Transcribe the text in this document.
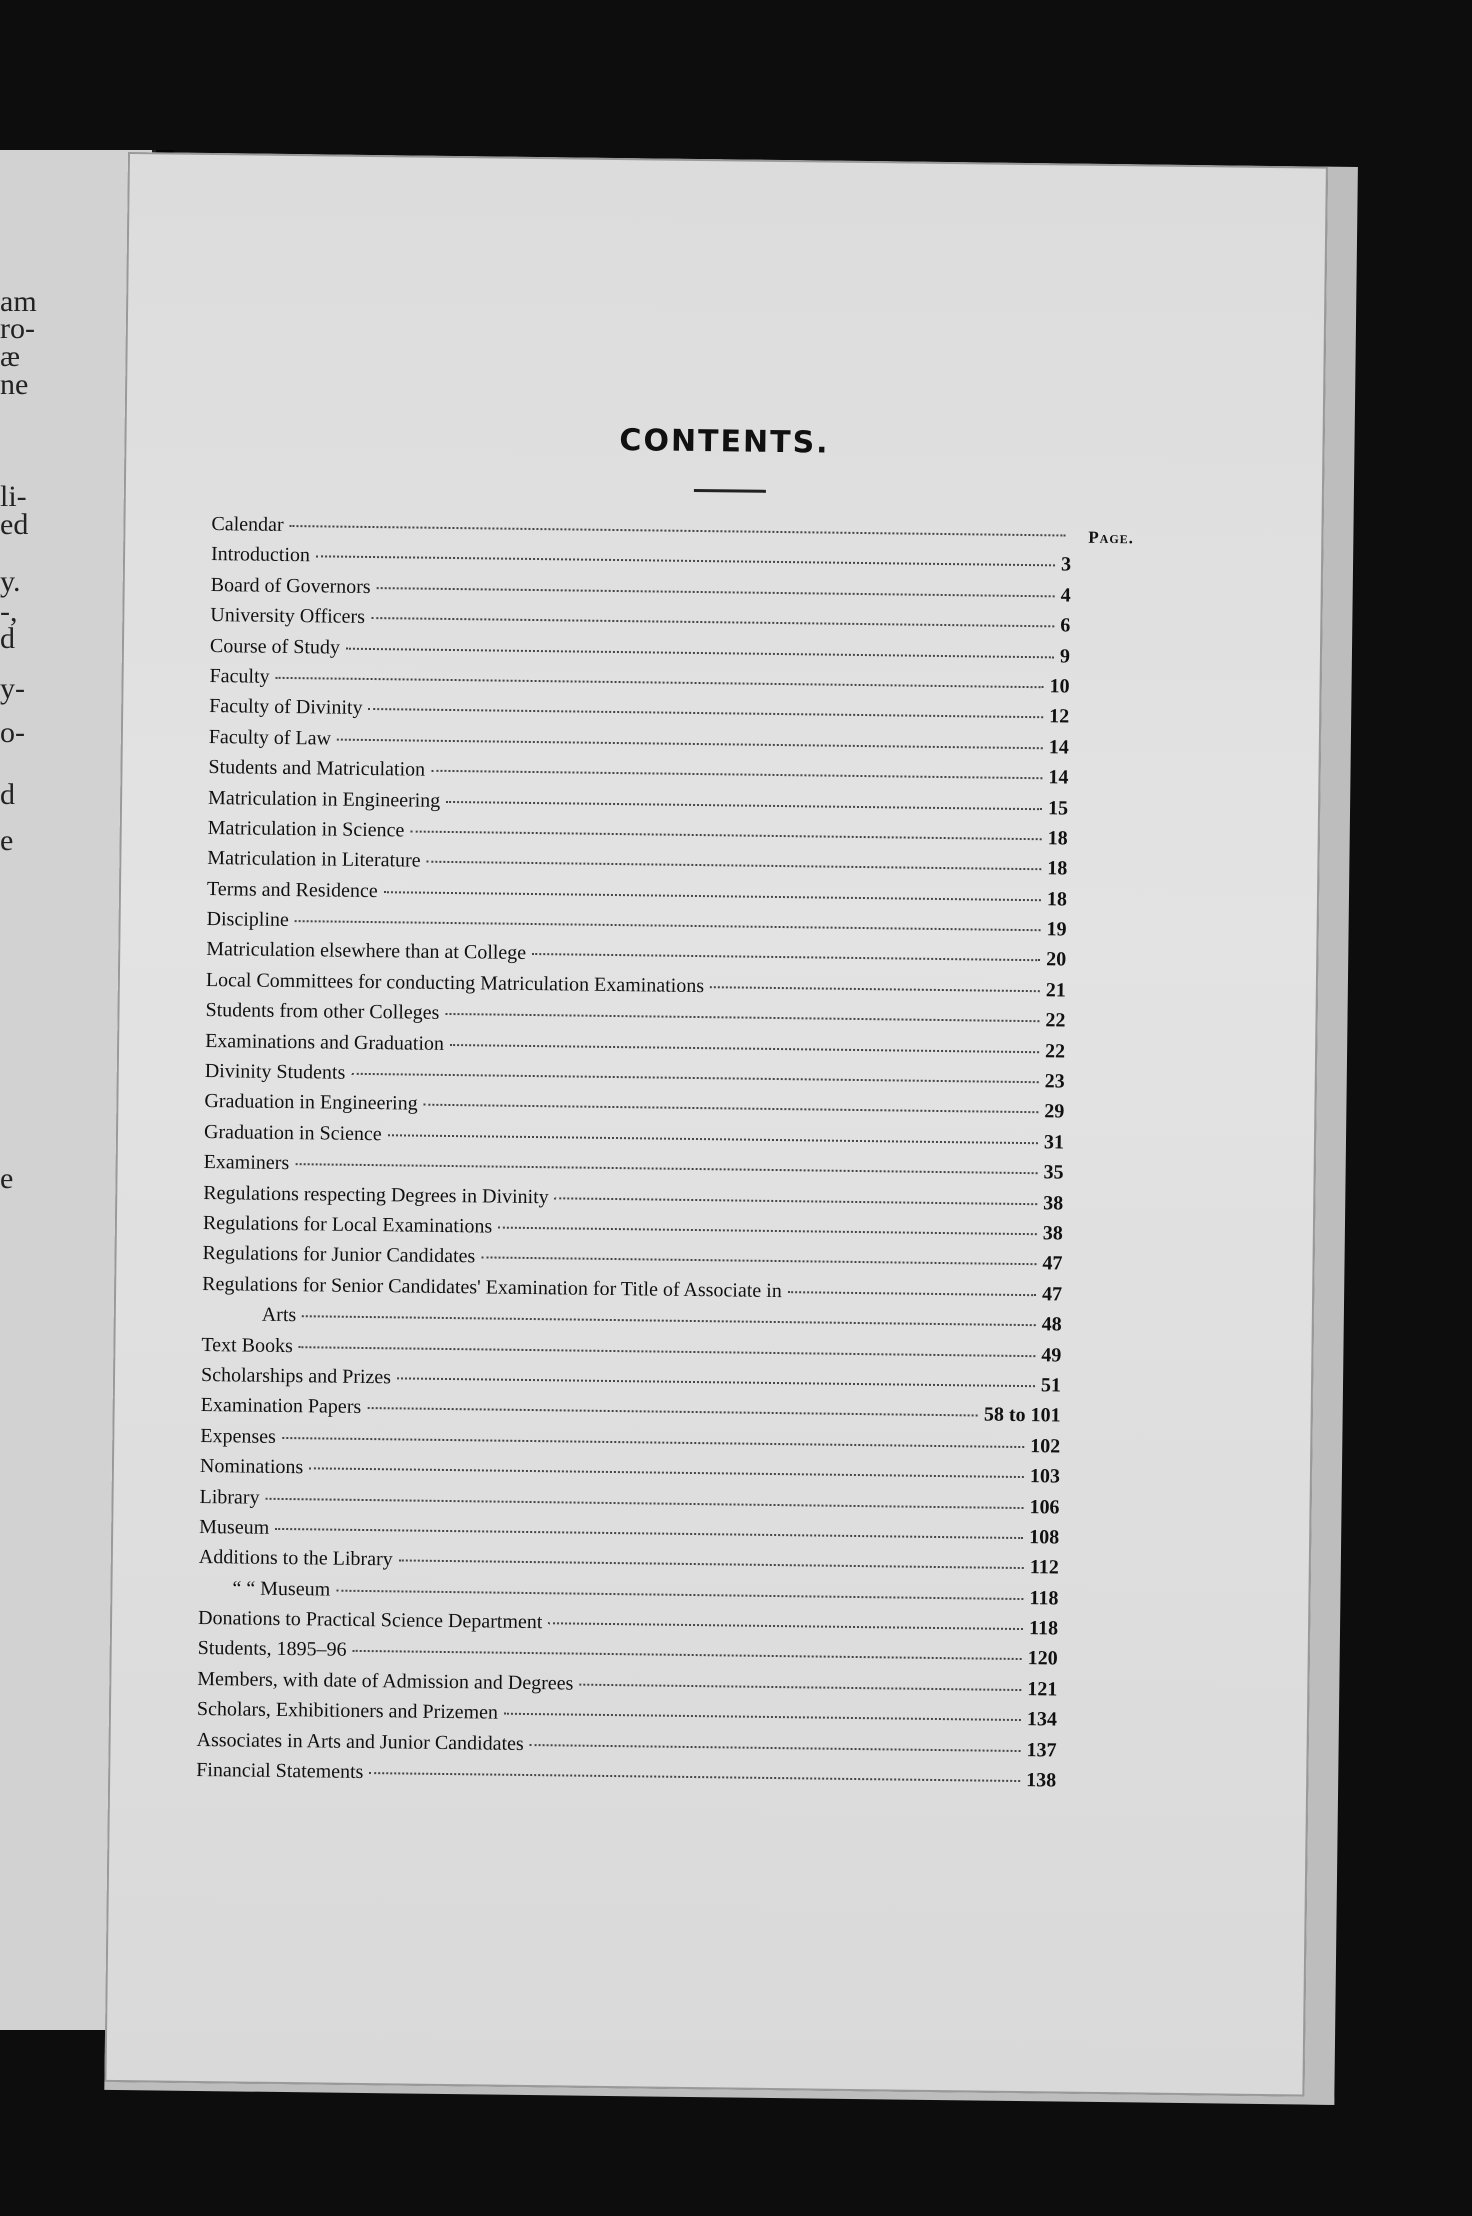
am
ro-
æ
ne
li-
ed
y.
-,
d
y-
o-
d
e
e
CONTENTS.
Page.
Calendar
Introduction	3
Board of Governors	4
University Officers	6
Course of Study	9
Faculty	10
Faculty of Divinity	12
Faculty of Law	14
Students and Matriculation	14
Matriculation in Engineering	15
Matriculation in Science	18
Matriculation in Literature	18
Terms and Residence	18
Discipline	19
Matriculation elsewhere than at College	20
Local Committees for conducting Matriculation Examinations	21
Students from other Colleges	22
Examinations and Graduation	22
Divinity Students	23
Graduation in Engineering	29
Graduation in Science	31
Examiners	35
Regulations respecting Degrees in Divinity	38
Regulations for Local Examinations	38
Regulations for Junior Candidates	47
Regulations for Senior Candidates' Examination for Title of Associate in	47
Arts	48
Text Books	49
Scholarships and Prizes	51
Examination Papers	58 to 101
Expenses	102
Nominations	103
Library	106
Museum	108
Additions to the Library	112
“ “ Museum	118
Donations to Practical Science Department	118
Students, 1895–96	120
Members, with date of Admission and Degrees	121
Scholars, Exhibitioners and Prizemen	134
Associates in Arts and Junior Candidates	137
Financial Statements	138
